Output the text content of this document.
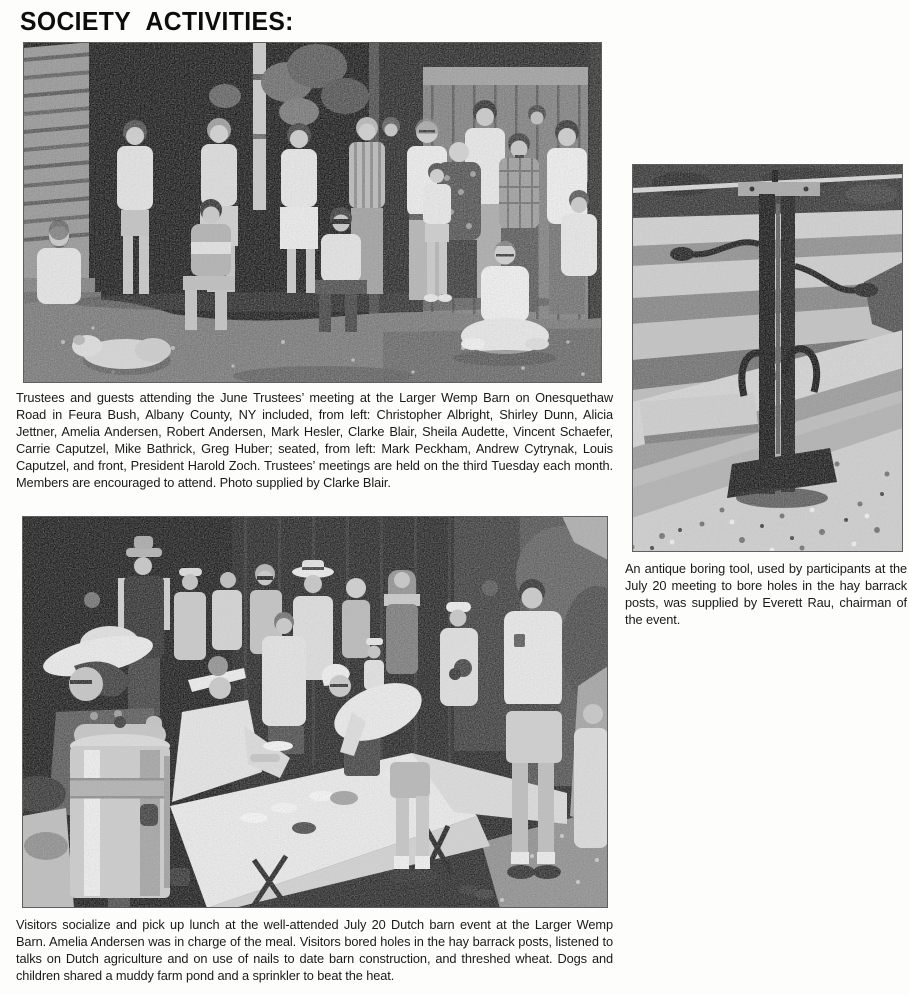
SOCIETY ACTIVITIES:

Trustees and guests attending the June Trustees’ meeting at the Larger Wemp Barn on Onesquethaw Road in Feura Bush, Albany County, NY included, from left: Christopher Albright, Shirley Dunn, Alicia Jettner, Amelia Andersen, Robert Andersen, Mark Hesler, Clarke Blair, Sheila Audette, Vincent Schaefer, Carrie Caputzel, Mike Bathrick, Greg Huber; seated, from left: Mark Peckham, Andrew Cytrynak, Louis Caputzel, and front, President Harold Zoch. Trustees’ meetings are held on the third Tuesday each month. Members are encouraged to attend. Photo supplied by Clarke Blair.

An antique boring tool, used by participants at the July 20 meeting to bore holes in the hay barrack posts, was supplied by Everett Rau, chairman of the event.

Visitors socialize and pick up lunch at the well-attended July 20 Dutch barn event at the Larger Wemp Barn. Amelia Andersen was in charge of the meal. Visitors bored holes in the hay barrack posts, listened to talks on Dutch agriculture and on use of nails to date barn construction, and threshed wheat. Dogs and children shared a muddy farm pond and a sprinkler to beat the heat.
